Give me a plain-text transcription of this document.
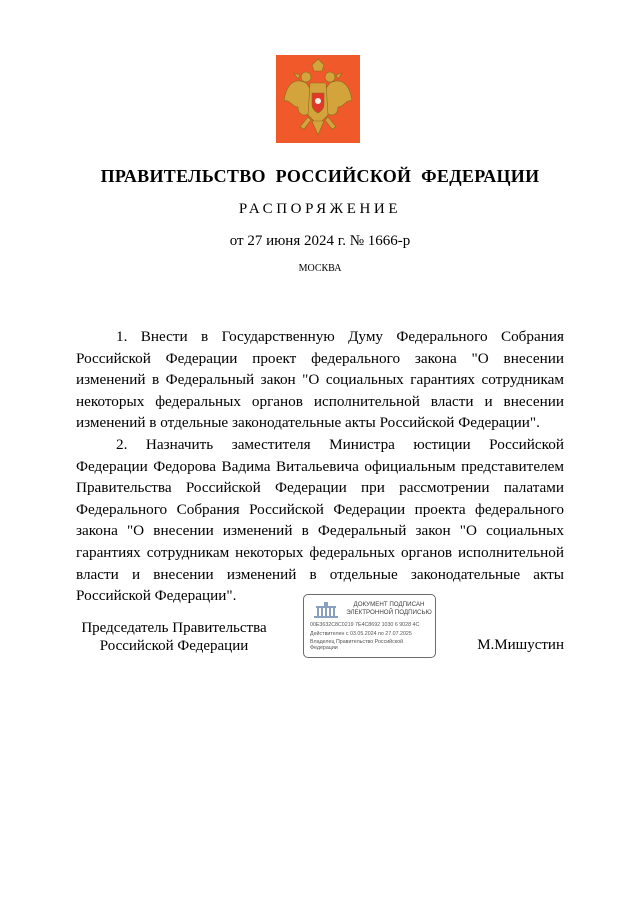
ПРАВИТЕЛЬСТВО РОССИЙСКОЙ ФЕДЕРАЦИИ
РАСПОРЯЖЕНИЕ
от 27 июня 2024 г. № 1666-р
МОСКВА

1. Внести в Государственную Думу Федерального Собрания Российской Федерации проект федерального закона "О внесении изменений в Федеральный закон "О социальных гарантиях сотрудникам некоторых федеральных органов исполнительной власти и внесении изменений в отдельные законодательные акты Российской Федерации".

2. Назначить заместителя Министра юстиции Российской Федерации Федорова Вадима Витальевича официальным представителем Правительства Российской Федерации при рассмотрении палатами Федерального Собрания Российской Федерации проекта федерального закона "О внесении изменений в Федеральный закон "О социальных гарантиях сотрудникам некоторых федеральных органов исполнительной власти и внесении изменений в отдельные законодательные акты Российской Федерации".

Председатель Правительства
Российской Федерации
ДОКУМЕНТ ПОДПИСАН
ЭЛЕКТРОННОЙ ПОДПИСЬЮ
00E3632C8C0219 7E4C8692 1030 6 9028 4C
Действителен с 03.05.2024 по 27.07.2025
Владелец Правительство Российской
Федерации	М.Мишустин
